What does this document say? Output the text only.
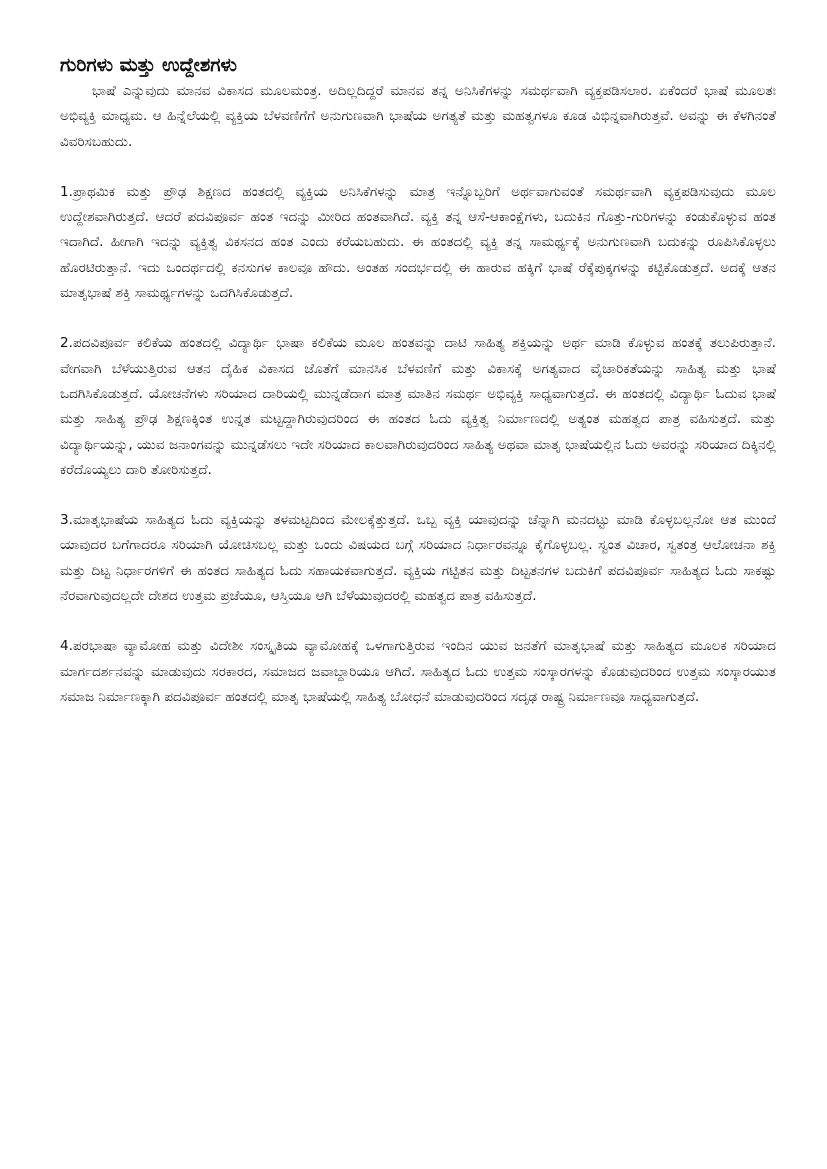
ಗುರಿಗಳು ಮತ್ತು ಉದ್ದೇಶಗಳು

ಭಾಷೆ ಎನ್ನುವುದು ಮಾನವ ವಿಕಾಸದ ಮೂಲಮಂತ್ರ. ಅದಿಲ್ಲದಿದ್ದರೆ ಮಾನವ ತನ್ನ ಅನಿಸಿಕೆಗಳನ್ನು ಸಮರ್ಥವಾಗಿ ವ್ಯಕ್ತಪಡಿಸಲಾರ. ಏಕೆಂದರೆ ಭಾಷೆ ಮೂಲತಃ ಅಭಿವ್ಯಕ್ತಿ ಮಾಧ್ಯಮ. ಆ ಹಿನ್ನೆಲೆಯಲ್ಲಿ ವ್ಯಕ್ತಿಯ ಬೆಳವಣಿಗೆಗೆ ಅನುಗುಣವಾಗಿ ಭಾಷೆಯ ಅಗತ್ಯತೆ ಮತ್ತು ಮಹತ್ವಗಳೂ ಕೂಡ ವಿಭಿನ್ನವಾಗಿರುತ್ತವೆ. ಅವನ್ನು ಈ ಕೆಳಗಿನಂತೆ ವಿವರಿಸಬಹುದು.

1.ಪ್ರಾಥಮಿಕ ಮತ್ತು ಪ್ರೌಢ ಶಿಕ್ಷಣದ ಹಂತದಲ್ಲಿ ವ್ಯಕ್ತಿಯ ಅನಿಸಿಕೆಗಳನ್ನು ಮಾತ್ರ ಇನ್ನೊಬ್ಬರಿಗೆ ಅರ್ಥವಾಗುವಂತೆ ಸಮರ್ಥವಾಗಿ ವ್ಯಕ್ತಪಡಿಸುವುದು ಮೂಲ ಉದ್ದೇಶವಾಗಿರುತ್ತದೆ. ಆದರೆ ಪದವಿಪೂರ್ವ ಹಂತ ಇದನ್ನು ಮೀರಿದ ಹಂತವಾಗಿದೆ. ವ್ಯಕ್ತಿ ತನ್ನ ಆಸೆ-ಆಕಾಂಕ್ಷೆಗಳು, ಬದುಕಿನ ಗೊತ್ತು-ಗುರಿಗಳನ್ನು ಕಂಡುಕೊಳ್ಳುವ ಹಂತ ಇದಾಗಿದೆ. ಹೀಗಾಗಿ ಇದನ್ನು ವ್ಯಕ್ತಿತ್ವ ವಿಕಸನದ ಹಂತ ಎಂದು ಕರೆಯಬಹುದು. ಈ ಹಂತದಲ್ಲಿ ವ್ಯಕ್ತಿ ತನ್ನ ಸಾಮರ್ಥ್ಯಕ್ಕೆ ಅನುಗುಣವಾಗಿ ಬದುಕನ್ನು ರೂಪಿಸಿಕೊಳ್ಳಲು ಹೊರಟಿರುತ್ತಾನೆ. ಇದು ಒಂದರ್ಥದಲ್ಲಿ ಕನಸುಗಳ ಕಾಲವೂ ಹೌದು. ಅಂತಹ ಸಂದರ್ಭದಲ್ಲಿ ಈ ಹಾರುವ ಹಕ್ಕಿಗೆ ಭಾಷೆ ರೆಕ್ಕೆಪುಕ್ಕಗಳನ್ನು ಕಟ್ಟಿಕೊಡುತ್ತದೆ. ಅದಕ್ಕೆ ಆತನ ಮಾತೃಭಾಷೆ ಶಕ್ತಿ ಸಾಮರ್ಥ್ಯಗಳನ್ನು ಒದಗಿಸಿಕೊಡುತ್ತದೆ.

2.ಪದವಿಪೂರ್ವ ಕಲಿಕೆಯ ಹಂತದಲ್ಲಿ ವಿದ್ಯಾರ್ಥಿ ಭಾಷಾ ಕಲಿಕೆಯ ಮೂಲ ಹಂತವನ್ನು ದಾಟಿ ಸಾಹಿತ್ಯ ಶಕ್ತಿಯನ್ನು ಅರ್ಥ ಮಾಡಿ ಕೊಳ್ಳುವ ಹಂತಕ್ಕೆ ತಲುಪಿರುತ್ತಾನೆ. ವೇಗವಾಗಿ ಬೆಳೆಯುತ್ತಿರುವ ಆತನ ದೈಹಿಕ ವಿಕಾಸದ ಜೊತೆಗೆ ಮಾನಸಿಕ ಬೆಳವಣಿಗೆ ಮತ್ತು ವಿಕಾಸಕ್ಕೆ ಅಗತ್ಯವಾದ ವೈಚಾರಿಕತೆಯನ್ನು ಸಾಹಿತ್ಯ ಮತ್ತು ಭಾಷೆ ಒದಗಿಸಿಕೊಡುತ್ತದೆ. ಯೋಚನೆಗಳು ಸರಿಯಾದ ದಾರಿಯಲ್ಲಿ ಮುನ್ನಡೆದಾಗ ಮಾತ್ರ ಮಾತಿನ ಸಮರ್ಥ ಅಭಿವ್ಯಕ್ತಿ ಸಾಧ್ಯವಾಗುತ್ತದೆ. ಈ ಹಂತದಲ್ಲಿ ವಿದ್ಯಾರ್ಥಿ ಓದುವ ಭಾಷೆ ಮತ್ತು ಸಾಹಿತ್ಯ ಪ್ರೌಢ ಶಿಕ್ಷಣಕ್ಕಿಂತ ಉನ್ನತ ಮಟ್ಟದ್ದಾಗಿರುವುದರಿಂದ ಈ ಹಂತದ ಓದು ವ್ಯಕ್ತಿತ್ವ ನಿರ್ಮಾಣದಲ್ಲಿ ಅತ್ಯಂತ ಮಹತ್ವದ ಪಾತ್ರ ವಹಿಸುತ್ತದೆ. ಮತ್ತು ವಿದ್ಯಾರ್ಥಿಯನ್ನು, ಯುವ ಜನಾಂಗವನ್ನು ಮುನ್ನಡೆಸಲು ಇದೇ ಸರಿಯಾದ ಕಾಲವಾಗಿರುವುದರಿಂದ ಸಾಹಿತ್ಯ ಅಥವಾ ಮಾತೃ ಭಾಷೆಯಲ್ಲಿನ ಓದು ಅವರನ್ನು ಸರಿಯಾದ ದಿಕ್ಕಿನಲ್ಲಿ ಕರೆದೊಯ್ಯಲು ದಾರಿ ತೋರಿಸುತ್ತದೆ.

3.ಮಾತೃಭಾಷೆಯ ಸಾಹಿತ್ಯದ ಓದು ವ್ಯಕ್ತಿಯನ್ನು ತಳಮಟ್ಟದಿಂದ ಮೇಲಕ್ಕೆತ್ತುತ್ತದೆ. ಒಬ್ಬ ವ್ಯಕ್ತಿ ಯಾವುದನ್ನು ಚೆನ್ನಾಗಿ ಮನದಟ್ಟು ಮಾಡಿ ಕೊಳ್ಳಬಲ್ಲನೋ ಆತ ಮುಂದೆ ಯಾವುದರ ಬಗೆಗಾದರೂ ಸರಿಯಾಗಿ ಯೋಚಿಸಬಲ್ಲ ಮತ್ತು ಒಂದು ವಿಷಯದ ಬಗ್ಗೆ ಸರಿಯಾದ ನಿರ್ಧಾರವನ್ನೂ ಕೈಗೊಳ್ಳಬಲ್ಲ. ಸ್ವಂತ ವಿಚಾರ, ಸ್ವತಂತ್ರ ಆಲೋಚನಾ ಶಕ್ತಿ ಮತ್ತು ದಿಟ್ಟ ನಿರ್ಧಾರಗಳಿಗೆ ಈ ಹಂತದ ಸಾಹಿತ್ಯದ ಓದು ಸಹಾಯಕವಾಗುತ್ತದೆ. ವ್ಯಕ್ತಿಯ ಗಟ್ಟಿತನ ಮತ್ತು ದಿಟ್ಟತನಗಳ ಬದುಕಿಗೆ ಪದವಿಪೂರ್ವ ಸಾಹಿತ್ಯದ ಓದು ಸಾಕಷ್ಟು ನೆರವಾಗುವುದಲ್ಲದೇ ದೇಶದ ಉತ್ತಮ ಪ್ರಜೆಯೂ, ಆಸ್ತಿಯೂ ಆಗಿ ಬೆಳೆಯುವುದರಲ್ಲಿ ಮಹತ್ವದ ಪಾತ್ರ ವಹಿಸುತ್ತದೆ.

4.ಪರಭಾಷಾ ವ್ಯಾಮೋಹ ಮತ್ತು ವಿದೇಶೀ ಸಂಸ್ಕೃತಿಯ ವ್ಯಾಮೋಹಕ್ಕೆ ಒಳಗಾಗುತ್ತಿರುವ ಇಂದಿನ ಯುವ ಜನತೆಗೆ ಮಾತೃಭಾಷೆ ಮತ್ತು ಸಾಹಿತ್ಯದ ಮೂಲಕ ಸರಿಯಾದ ಮಾರ್ಗದರ್ಶನವನ್ನು ಮಾಡುವುದು ಸರಕಾರದ, ಸಮಾಜದ ಜವಾಬ್ದಾರಿಯೂ ಆಗಿದೆ. ಸಾಹಿತ್ಯದ ಓದು ಉತ್ತಮ ಸಂಸ್ಕಾರಗಳನ್ನು ಕೊಡುವುದರಿಂದ ಉತ್ತಮ ಸಂಸ್ಕಾರಯುತ ಸಮಾಜ ನಿರ್ಮಾಣಕ್ಕಾಗಿ ಪದವಿಪೂರ್ವ ಹಂತದಲ್ಲಿ ಮಾತೃ ಭಾಷೆಯಲ್ಲಿ ಸಾಹಿತ್ಯ ಬೋಧನೆ ಮಾಡುವುದರಿಂದ ಸದೃಢ ರಾಷ್ಟ್ರ ನಿರ್ಮಾಣವೂ ಸಾಧ್ಯವಾಗುತ್ತದೆ.
